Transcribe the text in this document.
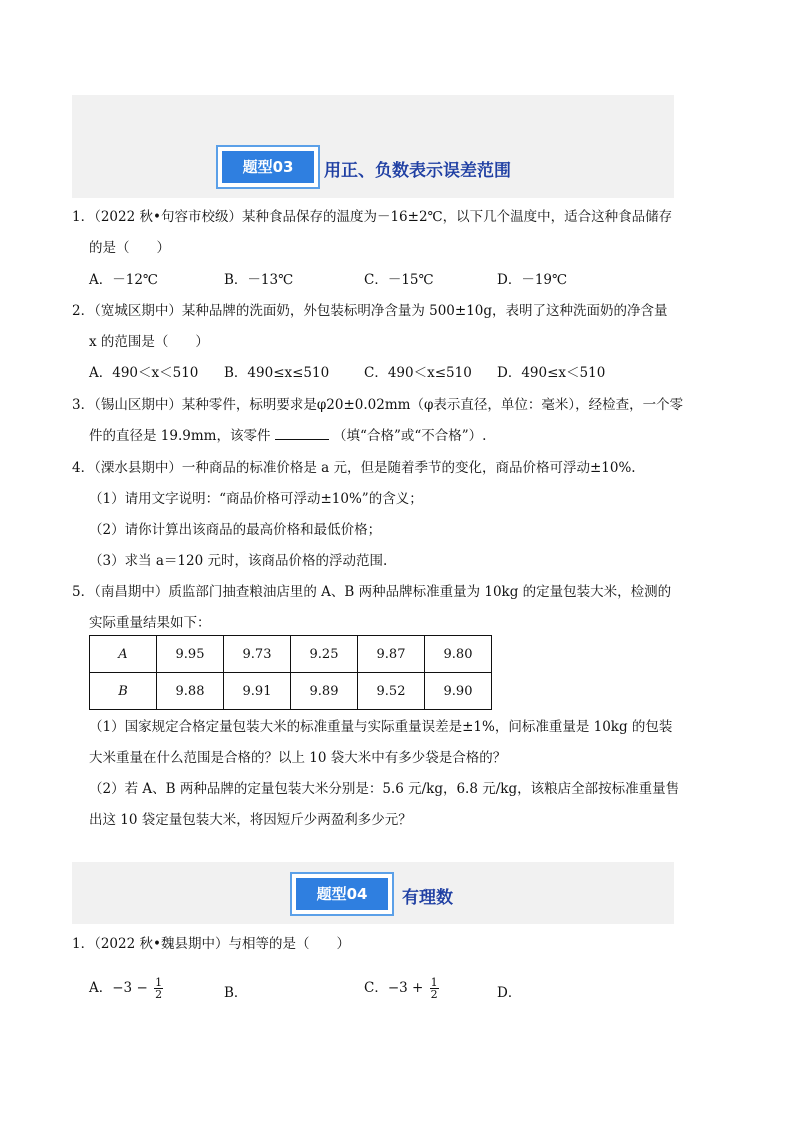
题型03	用正、负数表示误差范围
1．（2022 秋•句容市校级）某种食品保存的温度为－16±2℃，以下几个温度中，适合这种食品储存
的是（　　）
A．－12℃	B．－13℃	C．－15℃	D．－19℃
2．（宽城区期中）某种品牌的洗面奶，外包装标明净含量为 500±10g，表明了这种洗面奶的净含量
x 的范围是（　　）
A．490＜x＜510 B．490≤x≤510	C．490＜x≤510 D．490≤x＜510
3．（锡山区期中）某种零件，标明要求是φ20±0.02mm（φ表示直径，单位：毫米），经检查，一个零
件的直径是 19.9mm，该零件	（填“合格”或“不合格”）.
4．（溧水县期中）一种商品的标准价格是 a 元，但是随着季节的变化，商品价格可浮动±10%.
（1）请用文字说明：“商品价格可浮动±10%”的含义；
（2）请你计算出该商品的最高价格和最低价格；
（3）求当 a＝120 元时，该商品价格的浮动范围.
5．（南昌期中）质监部门抽查粮油店里的 A、B 两种品牌标准重量为 10kg 的定量包装大米，检测的
实际重量结果如下：
A	9.95	9.73	9.25	9.87	9.80
B	9.88	9.91	9.89	9.52	9.90
（1）国家规定合格定量包装大米的标准重量与实际重量误差是±1%，问标准重量是 10kg 的包装
大米重量在什么范围是合格的？以上 10 袋大米中有多少袋是合格的？
（2）若 A、B 两种品牌的定量包装大米分别是：5.6 元/kg，6.8 元/kg，该粮店全部按标准重量售
出这 10 袋定量包装大米，将因短斤少两盈利多少元？
题型04	有理数
1．（2022 秋•魏县期中）与相等的是（　　）
A．$-3 - \frac{1}{2}$	B．	C．$-3 + \frac{1}{2}$	D．
